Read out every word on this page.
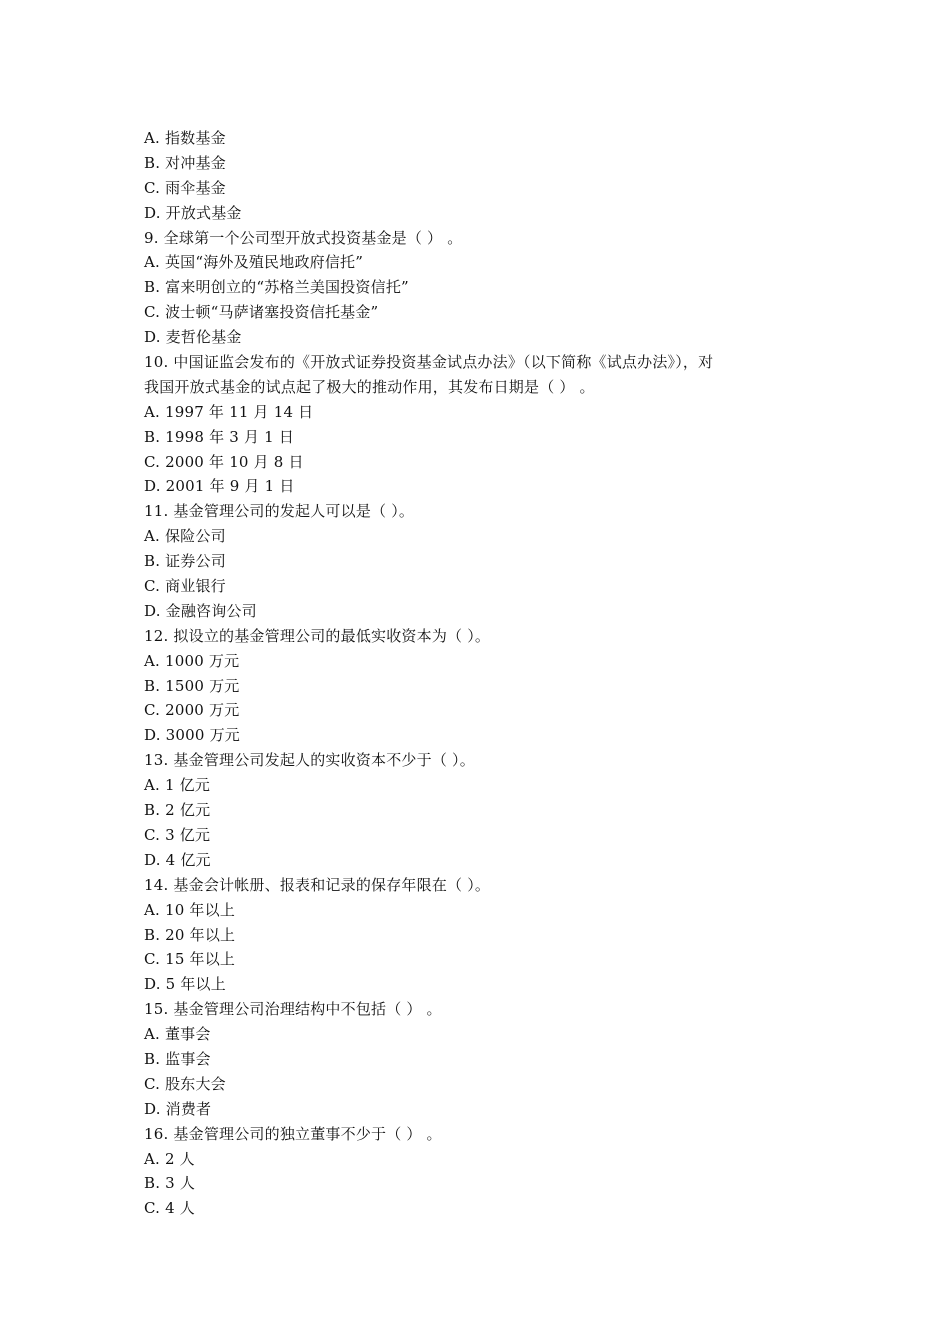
A. 指数基金
B. 对冲基金
C. 雨伞基金
D. 开放式基金
9. 全球第一个公司型开放式投资基金是（ ） 。
A. 英国“海外及殖民地政府信托”
B. 富来明创立的“苏格兰美国投资信托”
C. 波士顿“马萨诸塞投资信托基金”
D. 麦哲伦基金
10. 中国证监会发布的《开放式证券投资基金试点办法》（以下简称《试点办法》），对
我国开放式基金的试点起了极大的推动作用，其发布日期是（ ） 。
A. 1997 年 11 月 14 日
B. 1998 年 3 月 1 日
C. 2000 年 10 月 8 日
D. 2001 年 9 月 1 日
11. 基金管理公司的发起人可以是（ ）。
A. 保险公司
B. 证券公司
C. 商业银行
D. 金融咨询公司
12. 拟设立的基金管理公司的最低实收资本为（ ）。
A. 1000 万元
B. 1500 万元
C. 2000 万元
D. 3000 万元
13. 基金管理公司发起人的实收资本不少于（ ）。
A. 1 亿元
B. 2 亿元
C. 3 亿元
D. 4 亿元
14. 基金会计帐册、报表和记录的保存年限在（ ）。
A. 10 年以上
B. 20 年以上
C. 15 年以上
D. 5 年以上
15. 基金管理公司治理结构中不包括（ ） 。
A. 董事会
B. 监事会
C. 股东大会
D. 消费者
16. 基金管理公司的独立董事不少于（ ） 。
A. 2 人
B. 3 人
C. 4 人
